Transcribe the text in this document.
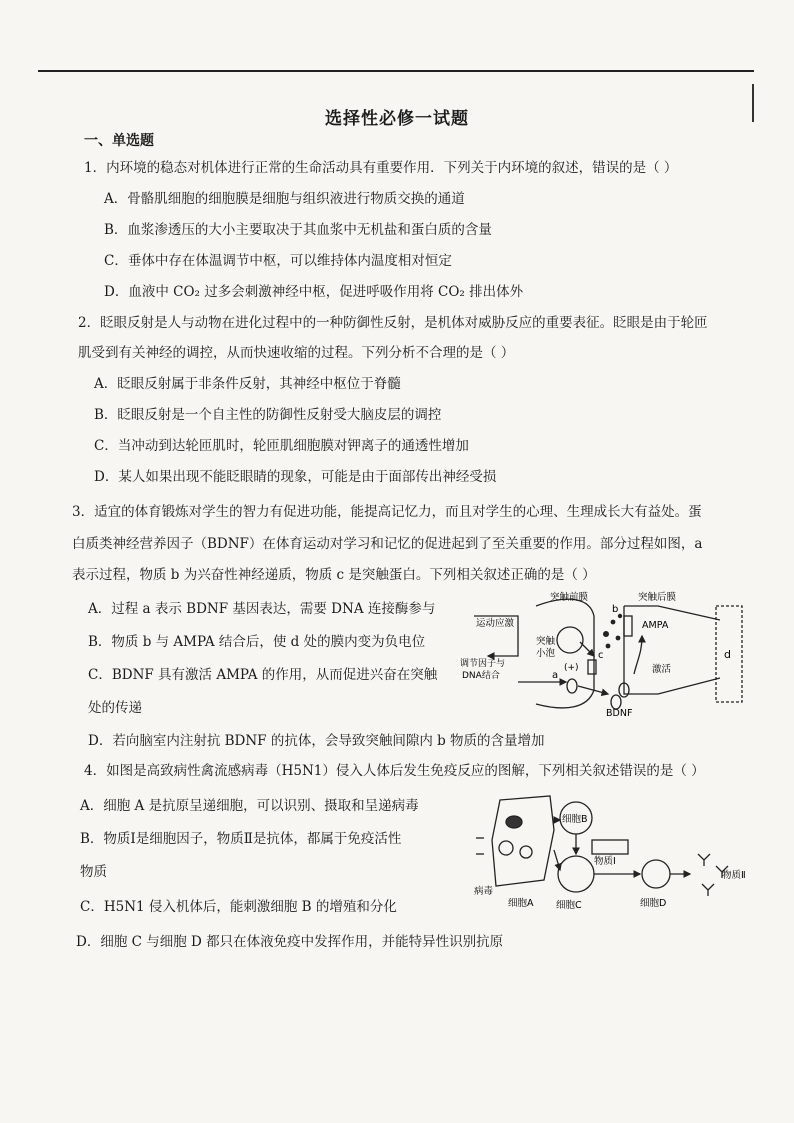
选择性必修一试题
一、单选题
1．内环境的稳态对机体进行正常的生命活动具有重要作用．下列关于内环境的叙述，错误的是（ ）
A．骨骼肌细胞的细胞膜是细胞与组织液进行物质交换的通道
B．血浆渗透压的大小主要取决于其血浆中无机盐和蛋白质的含量
C．垂体中存在体温调节中枢，可以维持体内温度相对恒定
D．血液中 CO₂ 过多会刺激神经中枢，促进呼吸作用将 CO₂ 排出体外
2．眨眼反射是人与动物在进化过程中的一种防御性反射，是机体对威胁反应的重要表征。眨眼是由于轮匝
肌受到有关神经的调控，从而快速收缩的过程。下列分析不合理的是（ ）
A．眨眼反射属于非条件反射，其神经中枢位于脊髓
B．眨眼反射是一个自主性的防御性反射受大脑皮层的调控
C．当冲动到达轮匝肌时，轮匝肌细胞膜对钾离子的通透性增加
D．某人如果出现不能眨眼睛的现象，可能是由于面部传出神经受损
3．适宜的体育锻炼对学生的智力有促进功能，能提高记忆力，而且对学生的心理、生理成长大有益处。蛋
白质类神经营养因子（BDNF）在体育运动对学习和记忆的促进起到了至关重要的作用。部分过程如图，a
表示过程，物质 b 为兴奋性神经递质，物质 c 是突触蛋白。下列相关叙述正确的是（ ）
A．过程 a 表示 BDNF 基因表达，需要 DNA 连接酶参与
B．物质 b 与 AMPA 结合后，使 d 处的膜内变为负电位
C．BDNF 具有激活 AMPA 的作用，从而促进兴奋在突触
处的传递
D．若向脑室内注射抗 BDNF 的抗体，会导致突触间隙内 b 物质的含量增加
运动应激
调节因子与
DNA结合
突触前膜	突触后膜
突触
小泡
(+)
a
b
c	d
AMPA
激活
BDNF
4．如图是高致病性禽流感病毒（H5N1）侵入人体后发生免疫反应的图解，下列相关叙述错误的是（ ）
A．细胞 A 是抗原呈递细胞，可以识别、摄取和呈递病毒
B．物质Ⅰ是细胞因子，物质Ⅱ是抗体，都属于免疫活性
物质
C．H5N1 侵入机体后，能刺激细胞 B 的增殖和分化
D．细胞 C 与细胞 D 都只在体液免疫中发挥作用，并能特异性识别抗原
病毒
细胞A
细胞B
细胞C	细胞D
物质Ⅰ
物质Ⅱ
